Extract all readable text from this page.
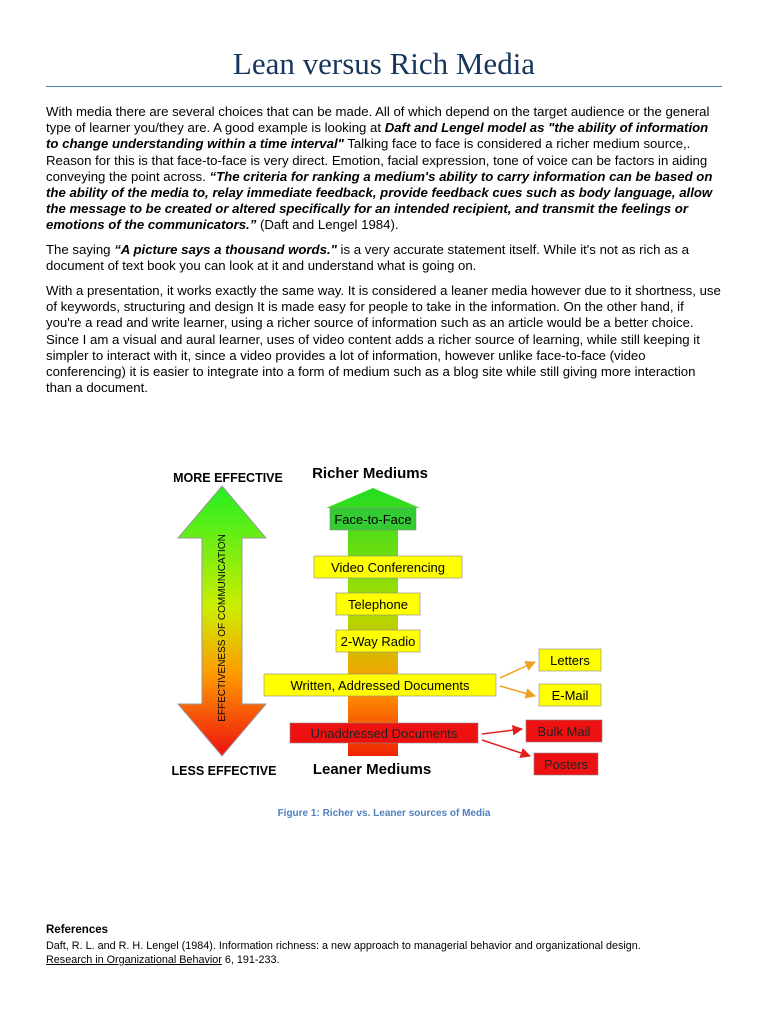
Lean versus Rich Media

With media there are several choices that can be made. All of which depend on the target audience or the general type of learner you/they are. A good example is looking at Daft and Lengel model as "the ability of information to change understanding within a time interval" Talking face to face is considered a richer medium source,. Reason for this is that face-to-face is very direct. Emotion, facial expression, tone of voice can be factors in aiding conveying the point across. “The criteria for ranking a medium's ability to carry information can be based on the ability of the media to, relay immediate feedback, provide feedback cues such as body language, allow the message to be created or altered specifically for an intended recipient, and transmit the feelings or emotions of the communicators.” (Daft and Lengel 1984).

The saying “A picture says a thousand words." is a very accurate statement itself. While it's not as rich as a document of text book you can look at it and understand what is going on.

With a presentation, it works exactly the same way. It is considered a leaner media however due to it shortness, use of keywords, structuring and design It is made easy for people to take in the information. On the other hand, if you're a read and write learner, using a richer source of information such as an article would be a better choice. Since I am a visual and aural learner, uses of video content adds a richer source of learning, while still keeping it simpler to interact with it, since a video provides a lot of information, however unlike face-to-face (video conferencing) it is easier to integrate into a form of medium such as a blog site while still giving more interaction than a document.

EFFECTIVENESS OF COMMUNICATION
MORE EFFECTIVE
LESS EFFECTIVE
Richer Mediums
Leaner Mediums
Face-to-Face
Video Conferencing
Telephone
2-Way Radio
Written, Addressed Documents
Unaddressed Documents
Letters
E-Mail
Bulk Mail
Posters
Figure 1: Richer vs. Leaner sources of Media
References

Daft, R. L. and R. H. Lengel (1984). Information richness: a new approach to managerial behavior and organizational design.
Research in Organizational Behavior 6, 191-233.
